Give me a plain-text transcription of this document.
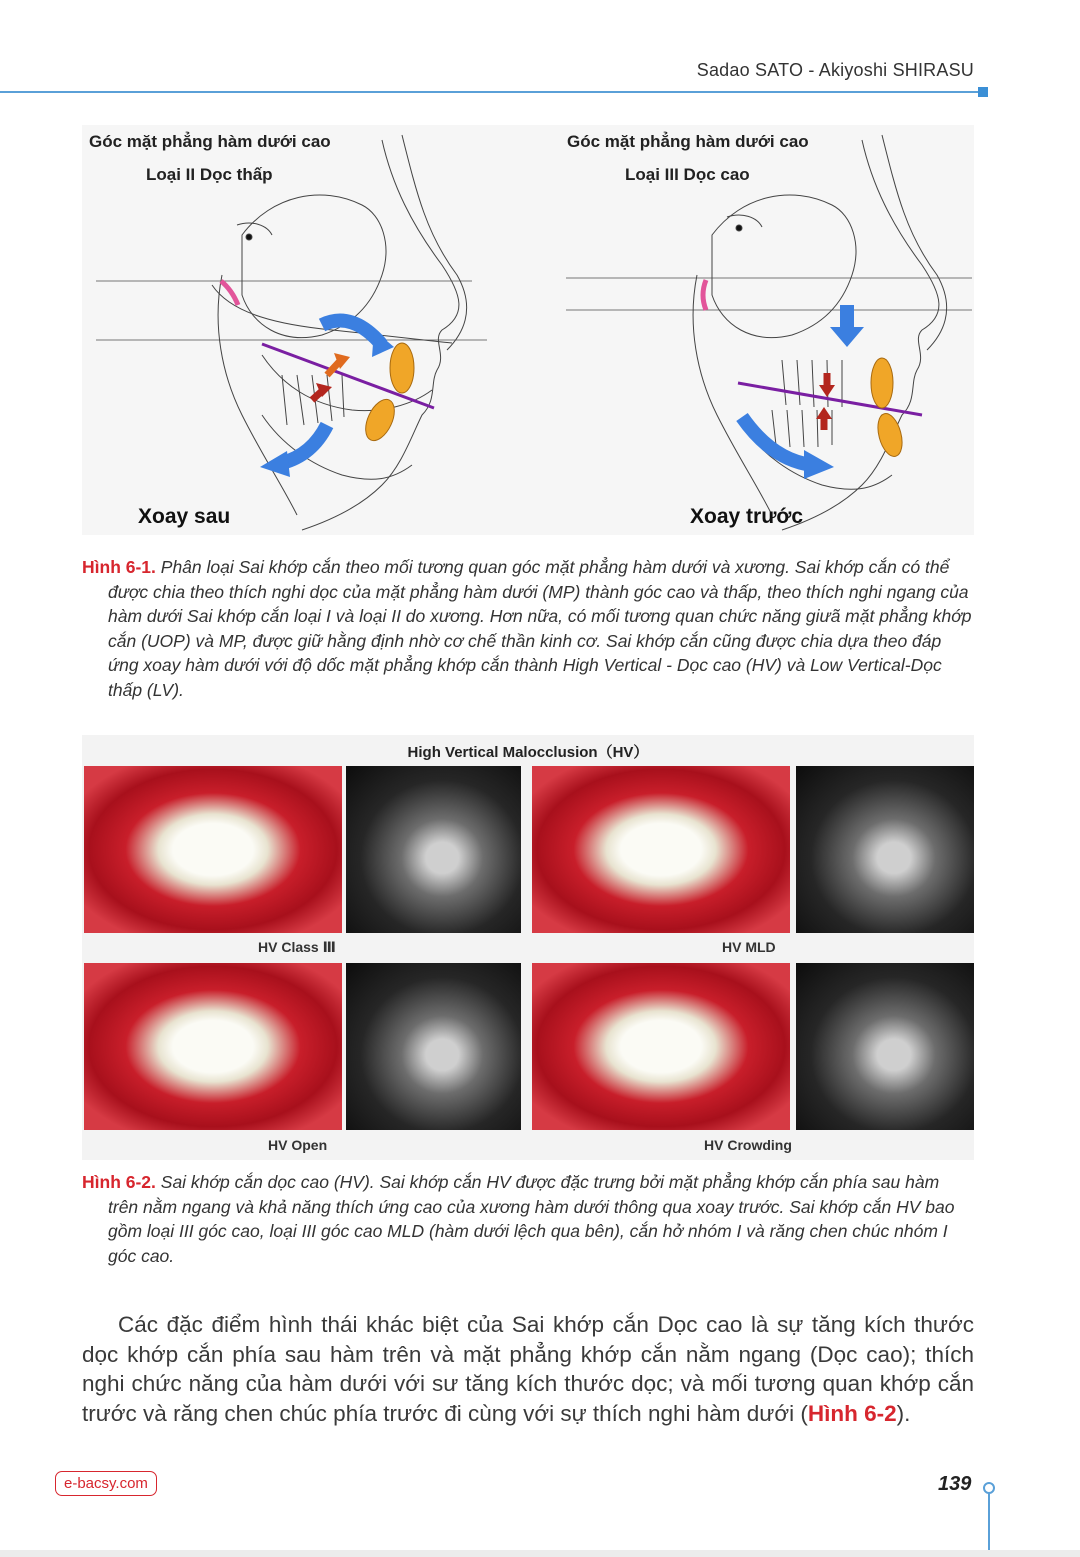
Sadao SATO - Akiyoshi SHIRASU
Góc mặt phẳng hàm dưới cao
Loại II Dọc thấp
Xoay sau
Góc mặt phẳng hàm dưới cao
Loại III Dọc cao
Xoay trước
Hình 6-1. Phân loại Sai khớp cắn theo mối tương quan góc mặt phẳng hàm dưới và xương. Sai khớp cắn có thể được chia theo thích nghi dọc của mặt phẳng hàm dưới (MP) thành góc cao và thấp, theo thích nghi ngang của hàm dưới Sai khớp cắn loại I và loại II do xương. Hơn nữa, có mối tương quan chức năng giưã mặt phẳng khớp cắn (UOP) và MP, được giữ hằng định nhờ cơ chế thần kinh cơ. Sai khớp cắn cũng được chia dựa theo đáp ứng xoay hàm dưới với độ dốc mặt phẳng khớp cắn thành High Vertical - Dọc cao (HV) và Low Vertical-Dọc thấp (LV).
High Vertical Malocclusion（HV）
HV Class Ⅲ	HV MLD
HV Open	HV Crowding
Hình 6-2. Sai khớp cắn dọc cao (HV). Sai khớp cắn HV được đặc trưng bởi mặt phẳng khớp cắn phía sau hàm trên nằm ngang và khả năng thích ứng cao của xương hàm dưới thông qua xoay trước. Sai khớp cắn HV bao gồm loại III góc cao, loại III góc cao MLD (hàm dưới lệch qua bên), cắn hở nhóm I và răng chen chúc nhóm I góc cao.
Các đặc điểm hình thái khác biệt của Sai khớp cắn Dọc cao là sự tăng kích thước dọc khớp cắn phía sau hàm trên và mặt phẳng khớp cắn nằm ngang (Dọc cao); thích nghi chức năng của hàm dưới với sư tăng kích thước dọc; và mối tương quan khớp cắn trước và răng chen chúc phía trước đi cùng với sự thích nghi hàm dưới (Hình 6-2).
e-bacsy.com	139
